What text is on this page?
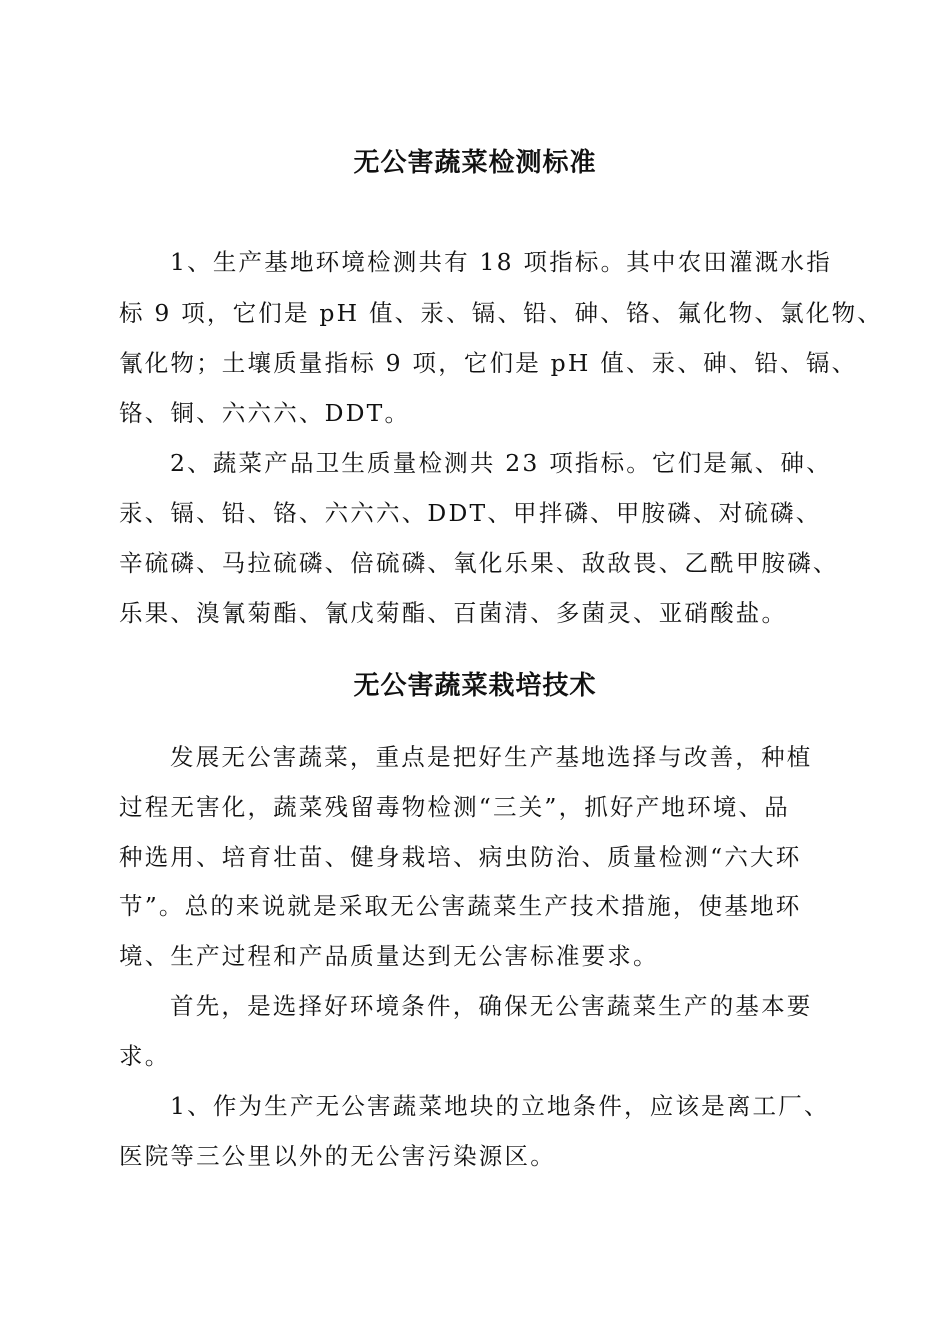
无公害蔬菜检测标准
1、生产基地环境检测共有 18 项指标。其中农田灌溉水指
标 9 项，它们是 pH 值、汞、镉、铅、砷、铬、氟化物、氯化物、
氰化物；土壤质量指标 9 项，它们是 pH 值、汞、砷、铅、镉、
铬、铜、六六六、DDT。
2、蔬菜产品卫生质量检测共 23 项指标。它们是氟、砷、
汞、镉、铅、铬、六六六、DDT、甲拌磷、甲胺磷、对硫磷、
辛硫磷、马拉硫磷、倍硫磷、氧化乐果、敌敌畏、乙酰甲胺磷、
乐果、溴氰菊酯、氰戊菊酯、百菌清、多菌灵、亚硝酸盐。
无公害蔬菜栽培技术
发展无公害蔬菜，重点是把好生产基地选择与改善，种植
过程无害化，蔬菜残留毒物检测“三关”，抓好产地环境、品
种选用、培育壮苗、健身栽培、病虫防治、质量检测“六大环
节”。总的来说就是采取无公害蔬菜生产技术措施，使基地环
境、生产过程和产品质量达到无公害标准要求。
首先，是选择好环境条件，确保无公害蔬菜生产的基本要
求。
1、作为生产无公害蔬菜地块的立地条件，应该是离工厂、
医院等三公里以外的无公害污染源区。
